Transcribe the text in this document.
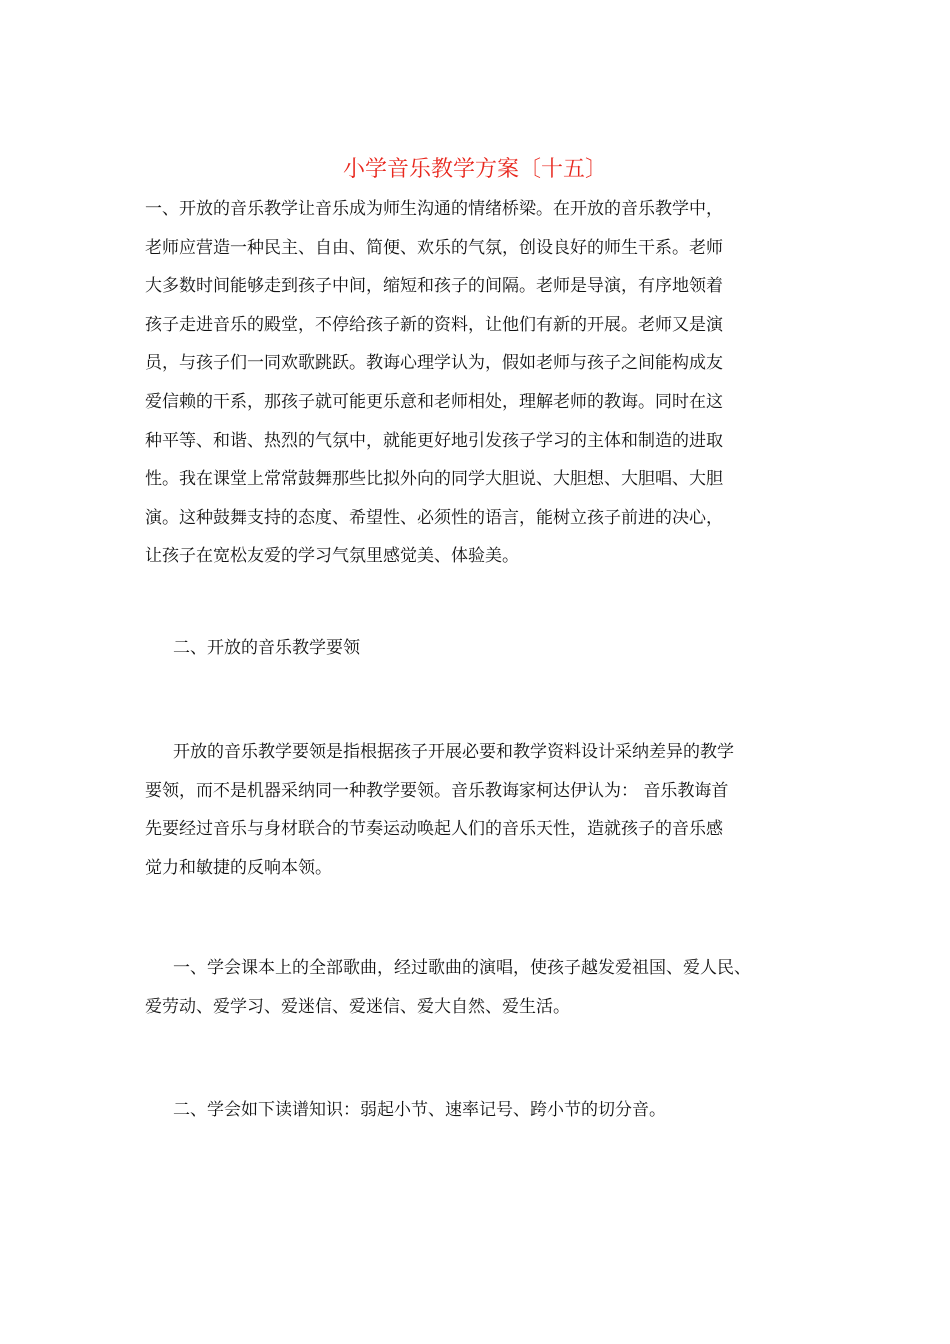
小学音乐教学方案〔十五〕
一、开放的音乐教学让音乐成为师生沟通的情绪桥梁。在开放的音乐教学中，
老师应营造一种民主、自由、简便、欢乐的气氛，创设良好的师生干系。老师
大多数时间能够走到孩子中间，缩短和孩子的间隔。老师是导演，有序地领着
孩子走进音乐的殿堂，不停给孩子新的资料，让他们有新的开展。老师又是演
员，与孩子们一同欢歌跳跃。教诲心理学认为，假如老师与孩子之间能构成友
爱信赖的干系，那孩子就可能更乐意和老师相处，理解老师的教诲。同时在这
种平等、和谐、热烈的气氛中，就能更好地引发孩子学习的主体和制造的进取
性。我在课堂上常常鼓舞那些比拟外向的同学大胆说、大胆想、大胆唱、大胆
演。这种鼓舞支持的态度、希望性、必须性的语言，能树立孩子前进的决心，
让孩子在宽松友爱的学习气氛里感觉美、体验美。
二、开放的音乐教学要领
开放的音乐教学要领是指根据孩子开展必要和教学资料设计采纳差异的教学
要领，而不是机器采纳同一种教学要领。音乐教诲家柯达伊认为： 音乐教诲首
先要经过音乐与身材联合的节奏运动唤起人们的音乐天性，造就孩子的音乐感
觉力和敏捷的反响本领。
一、学会课本上的全部歌曲，经过歌曲的演唱，使孩子越发爱祖国、爱人民、
爱劳动、爱学习、爱迷信、爱迷信、爱大自然、爱生活。
二、学会如下读谱知识：弱起小节、速率记号、跨小节的切分音。
